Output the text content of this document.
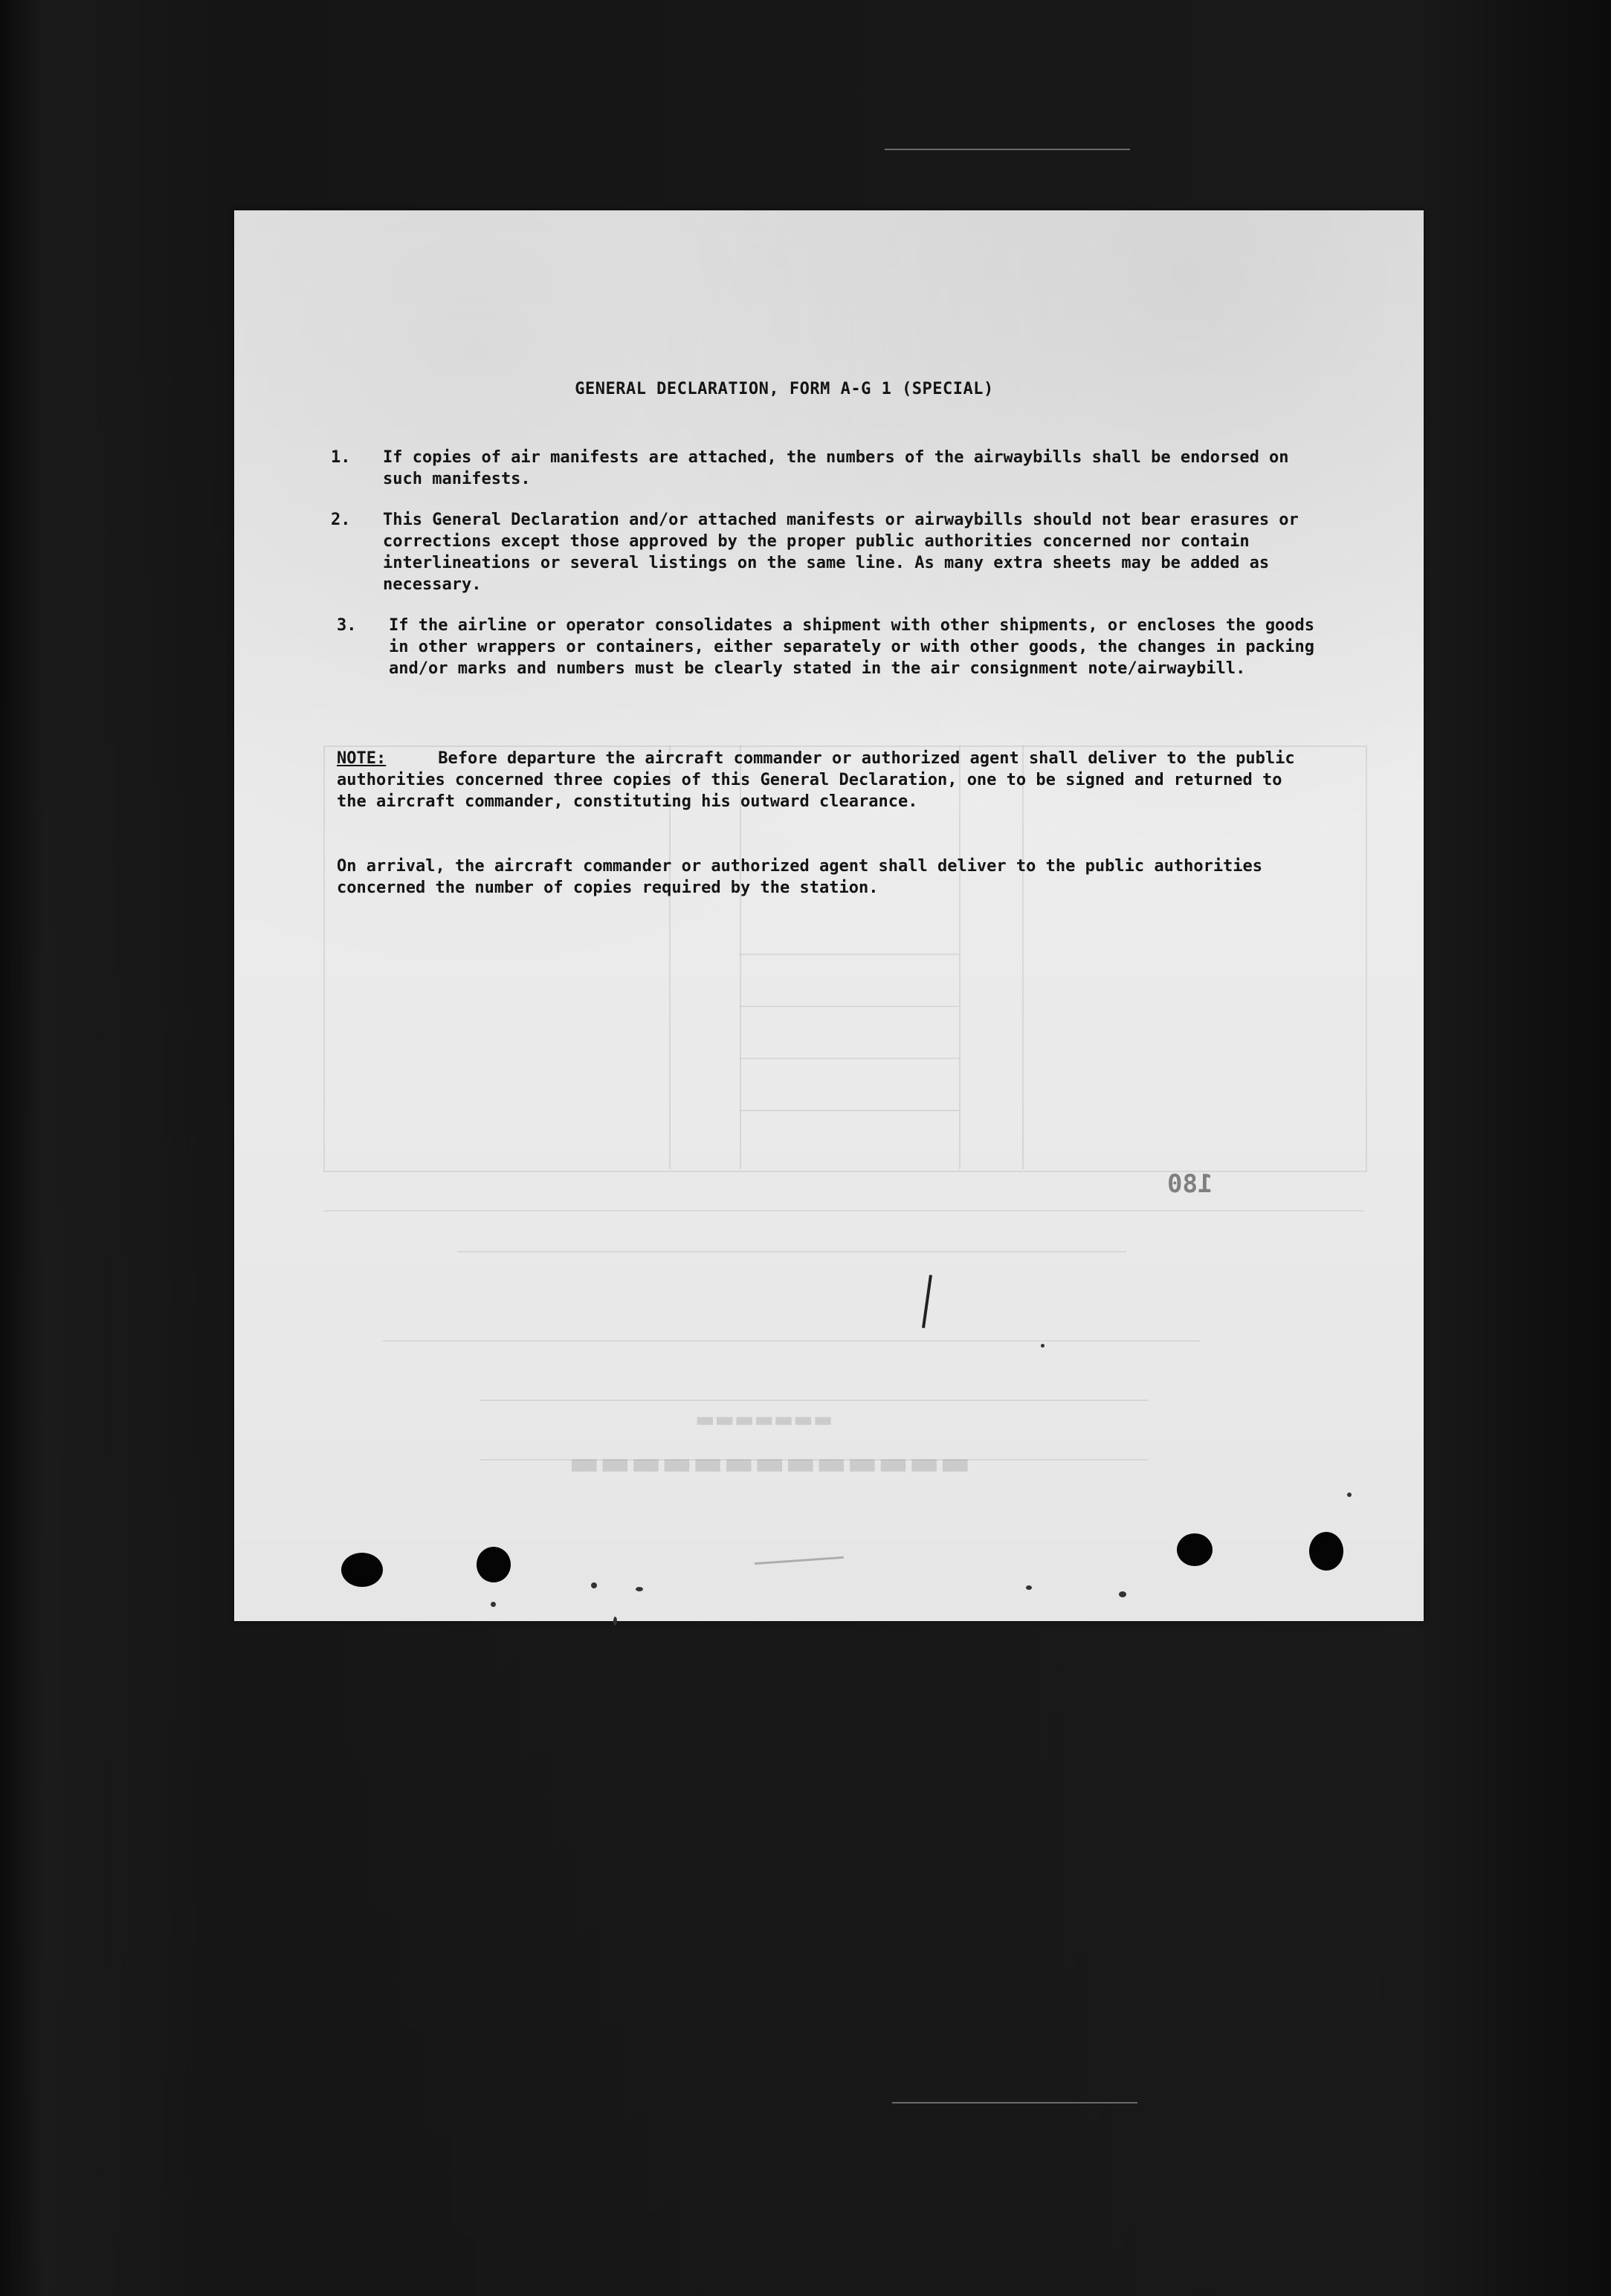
▬▬▬▬▬▬▬▬▬▬▬▬▬
▬▬▬▬▬▬▬
GENERAL DECLARATION, FORM A-G 1 (SPECIAL)
1.	If copies of air manifests are attached, the numbers of the airwaybills shall be endorsed on such manifests.
2.	This General Declaration and/or attached manifests or airwaybills should not bear erasures or corrections except those approved by the proper public authorities concerned nor contain interlineations or several listings on the same line. As many extra sheets may be added as necessary.
3.	If the airline or operator consolidates a shipment with other shipments, or encloses the goods in other wrappers or containers, either separately or with other goods, the changes in packing and/or marks and numbers must be clearly stated in the air consignment note/airwaybill.
NOTE:	Before departure the aircraft commander or authorized agent shall deliver to the public authorities concerned three copies of this General Declaration, one to be signed and returned to the aircraft commander, constituting his outward clearance.
On arrival, the aircraft commander or authorized agent shall deliver to the public authorities concerned the number of copies required by the station.
180
